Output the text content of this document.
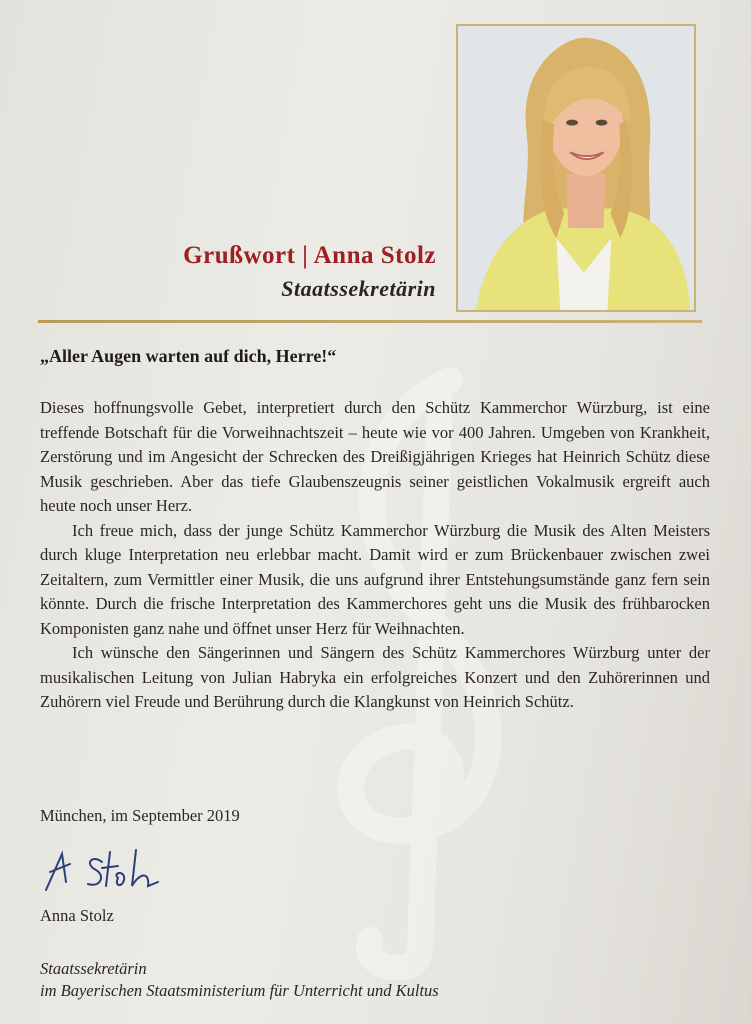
Grußwort | Anna Stolz
Staatssekretärin
„Aller Augen warten auf dich, Herre!“

Dieses hoffnungsvolle Gebet, interpretiert durch den Schütz Kammerchor Würzburg, ist eine treffende Botschaft für die Vorweihnachtszeit – heute wie vor 400 Jahren. Umgeben von Krankheit, Zerstörung und im Angesicht der Schrecken des Dreißigjährigen Krieges hat Heinrich Schütz diese Musik geschrieben. Aber das tiefe Glaubenszeugnis seiner geistlichen Vokalmusik ergreift auch heute noch unser Herz.

Ich freue mich, dass der junge Schütz Kammerchor Würzburg die Musik des Alten Meisters durch kluge Interpretation neu erlebbar macht. Damit wird er zum Brückenbauer zwischen zwei Zeitaltern, zum Vermittler einer Musik, die uns aufgrund ihrer Entstehungsumstände ganz fern sein könnte. Durch die frische Interpretation des Kammerchores geht uns die Musik des frühbarocken Komponisten ganz nahe und öffnet unser Herz für Weihnachten.

Ich wünsche den Sängerinnen und Sängern des Schütz Kammerchores Würzburg unter der musikalischen Leitung von Julian Habryka ein erfolgreiches Konzert und den Zuhörerinnen und Zuhörern viel Freude und Berührung durch die Klangkunst von Heinrich Schütz.

München, im September 2019
Anna Stolz
Staatssekretärin
im Bayerischen Staatsministerium für Unterricht und Kultus
